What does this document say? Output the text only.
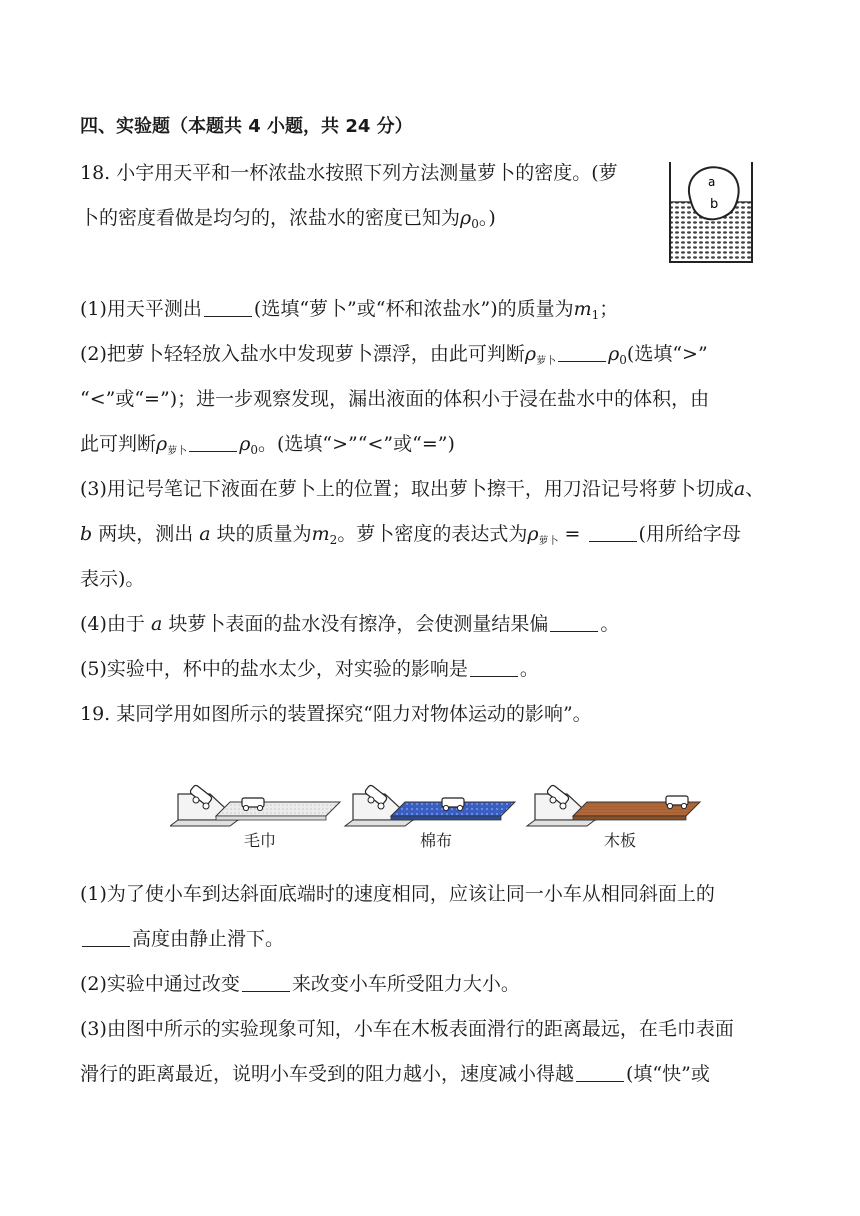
四、实验题（本题共 4 小题，共 24 分）
18. 小宇用天平和一杯浓盐水按照下列方法测量萝卜的密度。(萝
卜的密度看做是均匀的，浓盐水的密度已知为$\rho_0$。)
a
b
(1)用天平测出	(选填“萝卜”或“杯和浓盐水”)的质量为$m_1$；
(2)把萝卜轻轻放入盐水中发现萝卜漂浮，由此可判断$\rho_{萝卜}$	$\rho_0$(选填“>”
“<”或“=”)；进一步观察发现，漏出液面的体积小于浸在盐水中的体积，由
此可判断$\rho_{萝卜}$	$\rho_0$。(选填“>”“<”或“=”)
(3)用记号笔记下液面在萝卜上的位置；取出萝卜擦干，用刀沿记号将萝卜切成a、
b 两块，测出 a 块的质量为$m_2$。萝卜密度的表达式为$\rho_{萝卜}$ =	(用所给字母
表示)。
(4)由于 a 块萝卜表面的盐水没有擦净，会使测量结果偏	。
(5)实验中，杯中的盐水太少，对实验的影响是	。
19. 某同学用如图所示的装置探究“阻力对物体运动的影响”。
毛巾	棉布	木板
(1)为了使小车到达斜面底端时的速度相同，应该让同一小车从相同斜面上的
高度由静止滑下。
(2)实验中通过改变	来改变小车所受阻力大小。
(3)由图中所示的实验现象可知，小车在木板表面滑行的距离最远，在毛巾表面
滑行的距离最近，说明小车受到的阻力越小，速度减小得越	(填“快”或
